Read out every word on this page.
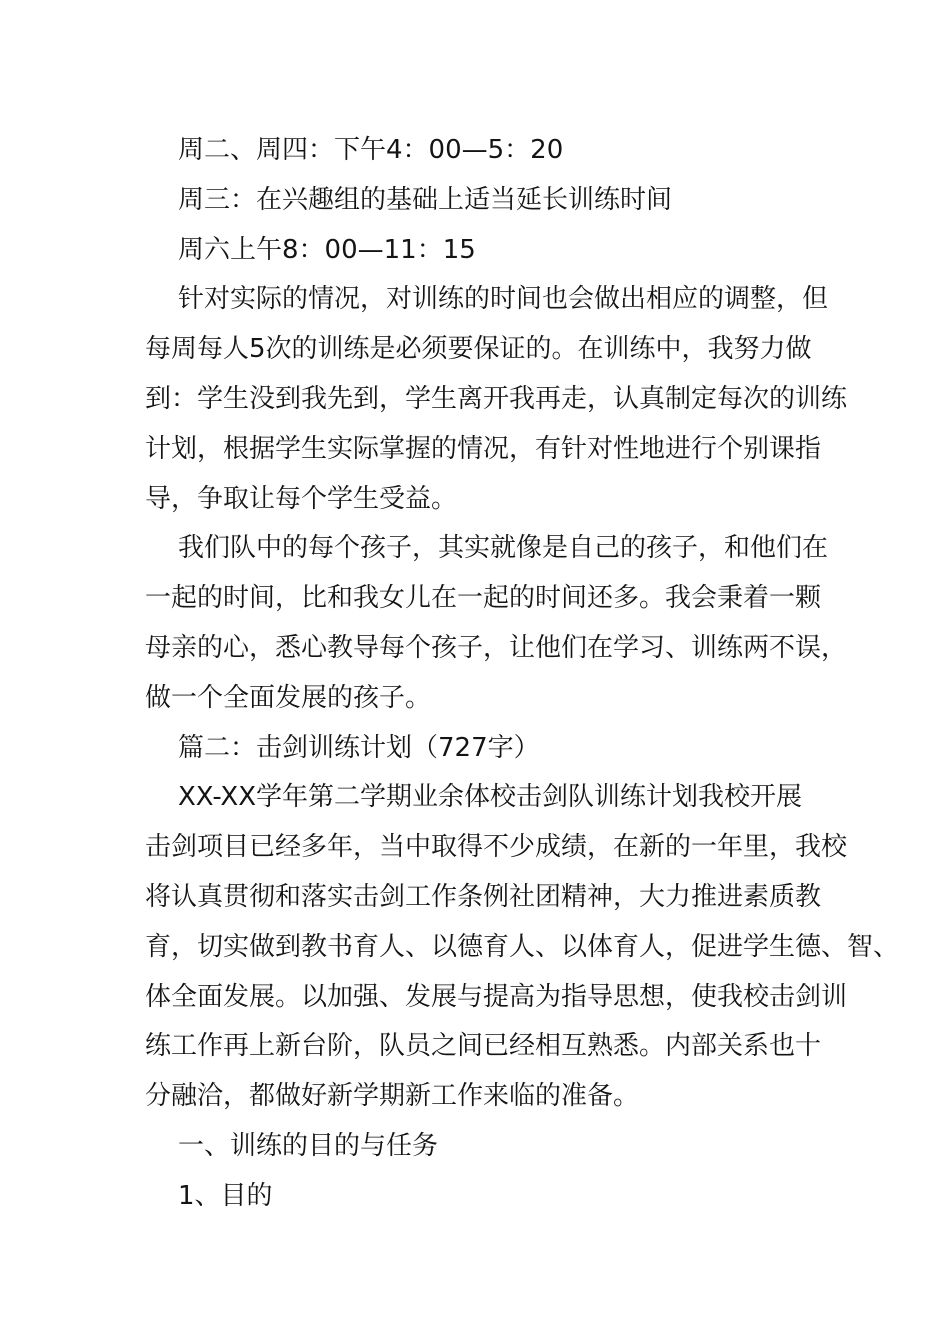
周二、周四：下午4：00—5：20

周三：在兴趣组的基础上适当延长训练时间

周六上午8：00—11：15

针对实际的情况，对训练的时间也会做出相应的调整，但
每周每人5次的训练是必须要保证的。在训练中，我努力做
到：学生没到我先到，学生离开我再走，认真制定每次的训练
计划，根据学生实际掌握的情况，有针对性地进行个别课指
导，争取让每个学生受益。

我们队中的每个孩子，其实就像是自己的孩子，和他们在
一起的时间，比和我女儿在一起的时间还多。我会秉着一颗
母亲的心，悉心教导每个孩子，让他们在学习、训练两不误，
做一个全面发展的孩子。

篇二：击剑训练计划（727字）

XX-XX学年第二学期业余体校击剑队训练计划我校开展
击剑项目已经多年，当中取得不少成绩，在新的一年里，我校
将认真贯彻和落实击剑工作条例社团精神，大力推进素质教
育，切实做到教书育人、以德育人、以体育人，促进学生德、智、
体全面发展。以加强、发展与提高为指导思想，使我校击剑训
练工作再上新台阶，队员之间已经相互熟悉。内部关系也十
分融洽，都做好新学期新工作来临的准备。

一、训练的目的与任务

1、目的
